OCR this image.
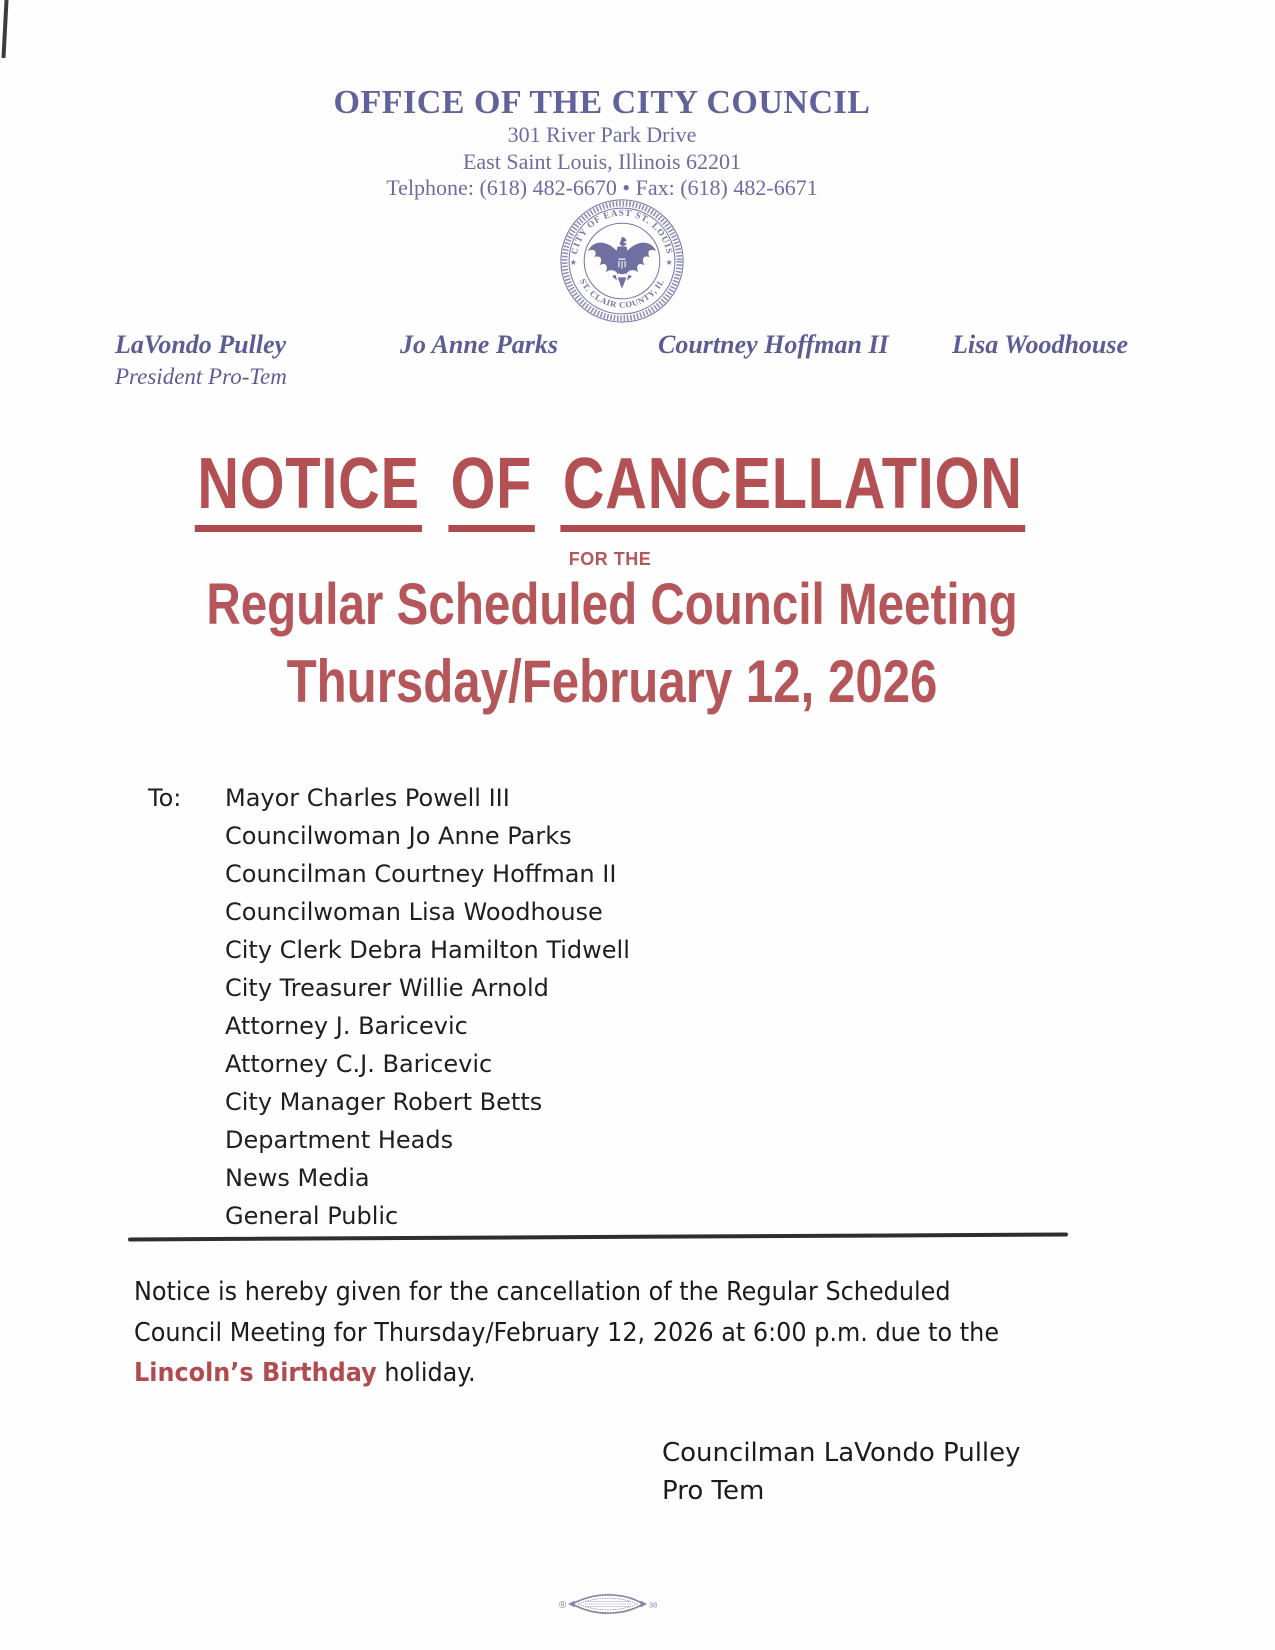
OFFICE OF THE CITY COUNCIL
301 River Park Drive
East Saint Louis, Illinois 62201
Telphone: (618) 482-6670 • Fax: (618) 482-6671
CITY OF EAST ST. LOUIS
ST. CLAIR COUNTY, IL
★	★
LaVondo Pulley
President Pro-Tem
Jo Anne Parks	Courtney Hoffman II Lisa Woodhouse
NOTICE OF CANCELLATION
FOR THE
Regular Scheduled Council Meeting
Thursday/February 12, 2026
To: Mayor Charles Powell III
Councilwoman Jo Anne Parks
Councilman Courtney Hoffman II
Councilwoman Lisa Woodhouse
City Clerk Debra Hamilton Tidwell
City Treasurer Willie Arnold
Attorney J. Baricevic
Attorney C.J. Baricevic
City Manager Robert Betts
Department Heads
News Media
General Public
Notice is hereby given for the cancellation of the Regular Scheduled
Council Meeting for Thursday/February 12, 2026 at 6:00 p.m. due to the
Lincoln’s Birthday holiday.
Councilman LaVondo Pulley
Pro Tem
®	38
